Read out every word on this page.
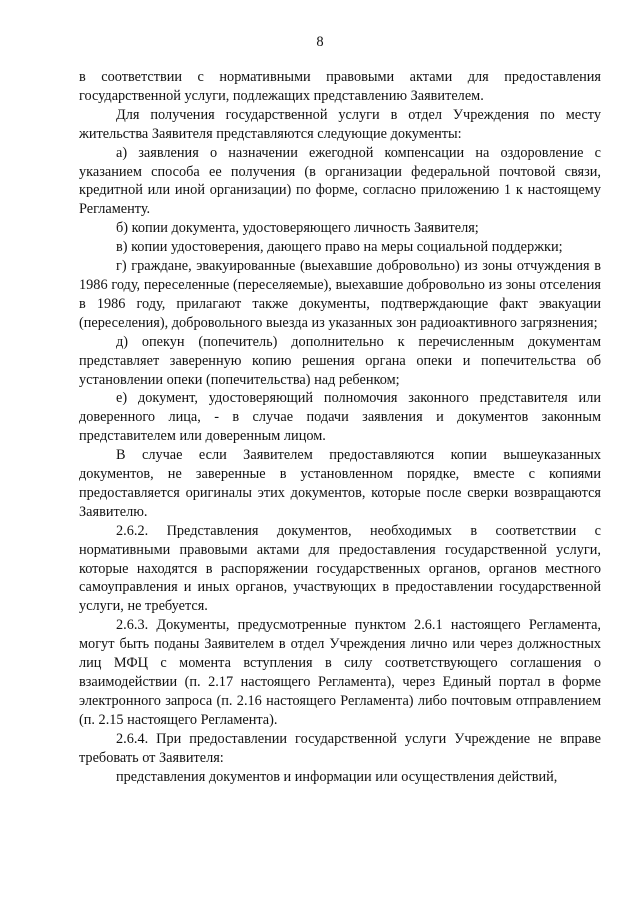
8

в соответствии с нормативными правовыми актами для предоставления государственной услуги, подлежащих представлению Заявителем.

Для получения государственной услуги в отдел Учреждения по месту жительства Заявителя представляются следующие документы:

а) заявления о назначении ежегодной компенсации на оздоровление с указанием способа ее получения (в организации федеральной почтовой связи, кредитной или иной организации) по форме, согласно приложению 1 к настоящему Регламенту.

б) копии документа, удостоверяющего личность Заявителя;

в) копии удостоверения, дающего право на меры социальной поддержки;

г) граждане, эвакуированные (выехавшие добровольно) из зоны отчуждения в 1986 году, переселенные (переселяемые), выехавшие добровольно из зоны отселения в 1986 году, прилагают также документы, подтверждающие факт эвакуации (переселения), добровольного выезда из указанных зон радиоактивного загрязнения;

д) опекун (попечитель) дополнительно к перечисленным документам представляет заверенную копию решения органа опеки и попечительства об установлении опеки (попечительства) над ребенком;

е) документ, удостоверяющий полномочия законного представителя или доверенного лица, - в случае подачи заявления и документов законным представителем или доверенным лицом.

В случае если Заявителем предоставляются копии вышеуказанных документов, не заверенные в установленном порядке, вместе с копиями предоставляется оригиналы этих документов, которые после сверки возвращаются Заявителю.

2.6.2. Представления документов, необходимых в соответствии с нормативными правовыми актами для предоставления государственной услуги, которые находятся в распоряжении государственных органов, органов местного самоуправления и иных органов, участвующих в предоставлении государственной услуги, не требуется.

2.6.3. Документы, предусмотренные пунктом 2.6.1 настоящего Регламента, могут быть поданы Заявителем в отдел Учреждения лично или через должностных лиц МФЦ с момента вступления в силу соответствующего соглашения о взаимодействии (п. 2.17 настоящего Регламента), через Единый портал в форме электронного запроса (п. 2.16 настоящего Регламента) либо почтовым отправлением (п. 2.15 настоящего Регламента).

2.6.4. При предоставлении государственной услуги Учреждение не вправе требовать от Заявителя:

представления документов и информации или осуществления действий,
